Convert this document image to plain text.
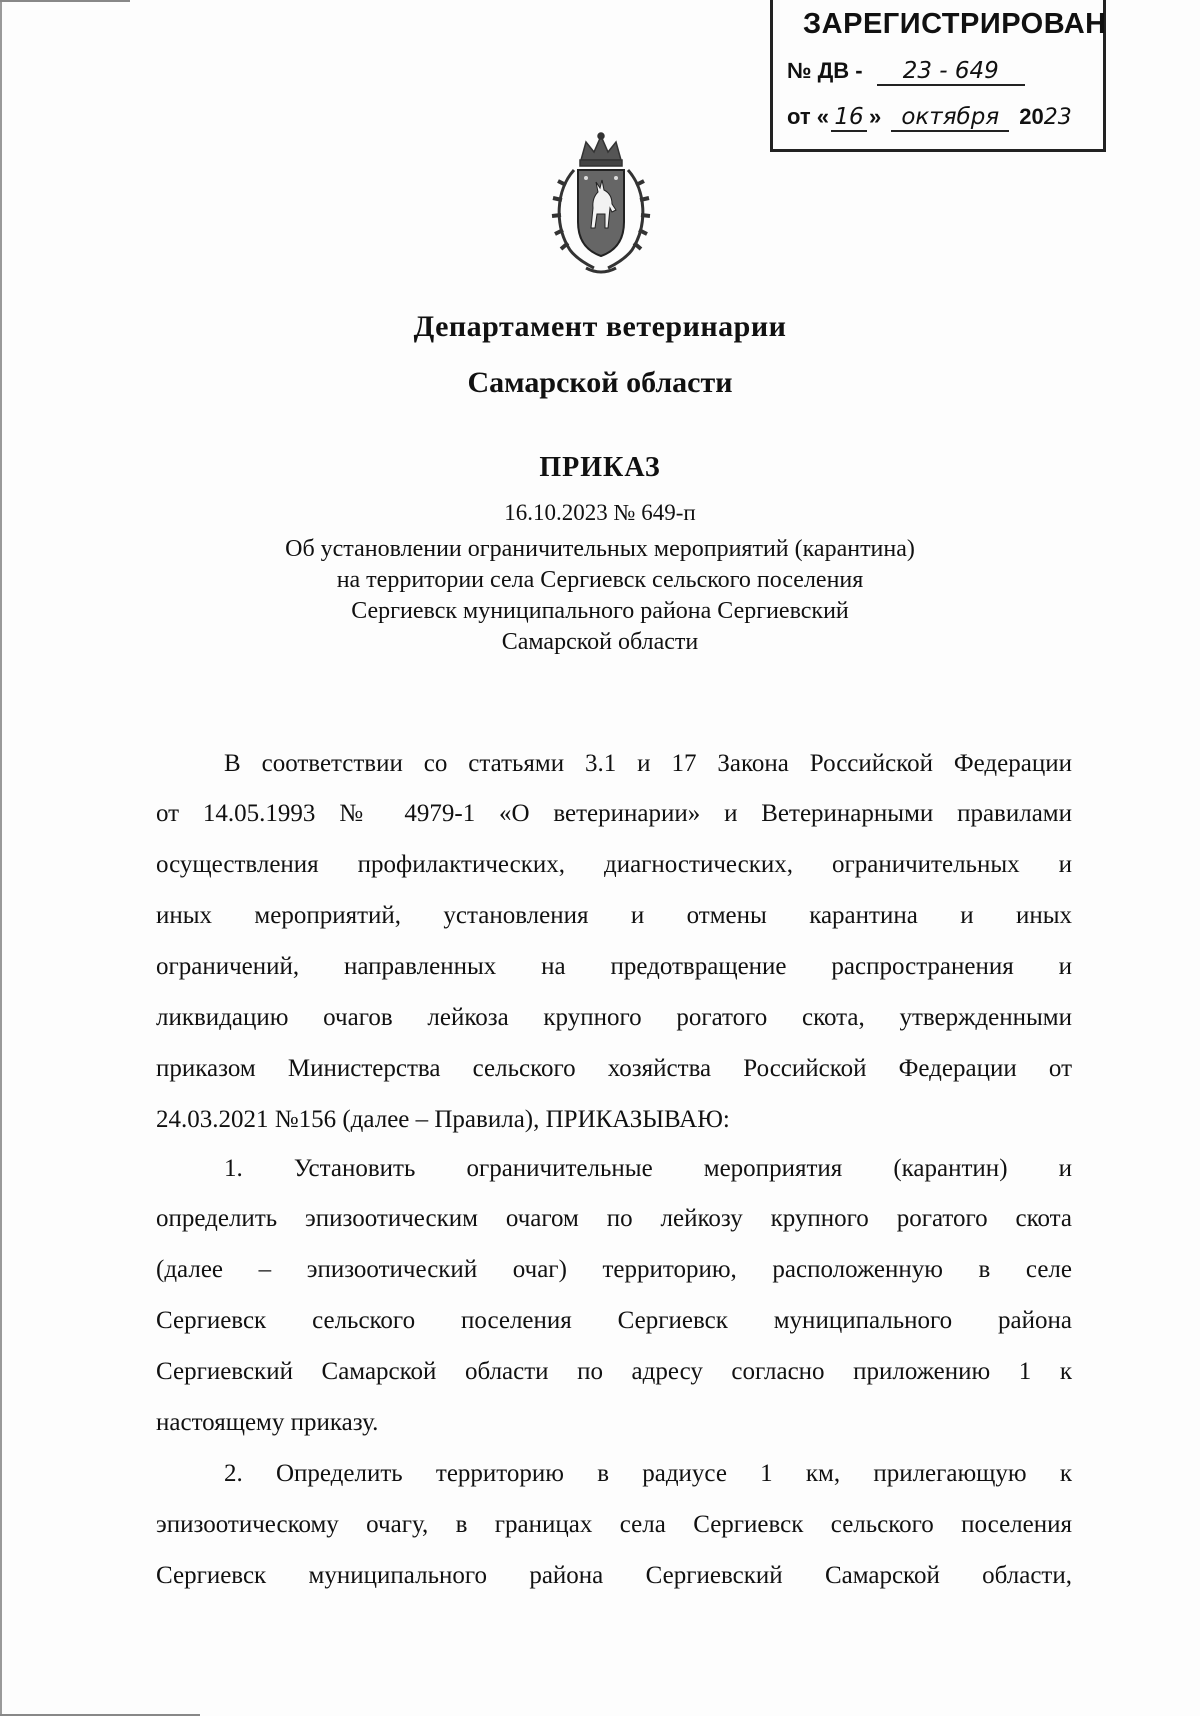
ЗАРЕГИСТРИРОВАН
№ ДВ - 23 - 649
от « 16 » октября 2023
Департамент ветеринарии
Самарской области
ПРИКАЗ
16.10.2023 № 649-п
Об установлении ограничительных мероприятий (карантина)
на территории села Сергиевск сельского поселения
Сергиевск муниципального района Сергиевский
Самарской области
В соответствии со статьями 3.1 и 17 Закона Российской Федерации
от 14.05.1993 № 4979-1 «О ветеринарии» и Ветеринарными правилами
осуществления профилактических, диагностических, ограничительных и
иных мероприятий, установления и отмены карантина и иных
ограничений, направленных на предотвращение распространения и
ликвидацию очагов лейкоза крупного рогатого скота, утвержденными
приказом Министерства сельского хозяйства Российской Федерации от
24.03.2021 №156 (далее – Правила), ПРИКАЗЫВАЮ:
1. Установить ограничительные мероприятия (карантин) и
определить эпизоотическим очагом по лейкозу крупного рогатого скота
(далее – эпизоотический очаг) территорию, расположенную в селе
Сергиевск сельского поселения Сергиевск муниципального района
Сергиевский Самарской области по адресу согласно приложению 1 к
настоящему приказу.
2. Определить территорию в радиусе 1 км, прилегающую к
эпизоотическому очагу, в границах села Сергиевск сельского поселения
Сергиевск муниципального района Сергиевский Самарской области,
